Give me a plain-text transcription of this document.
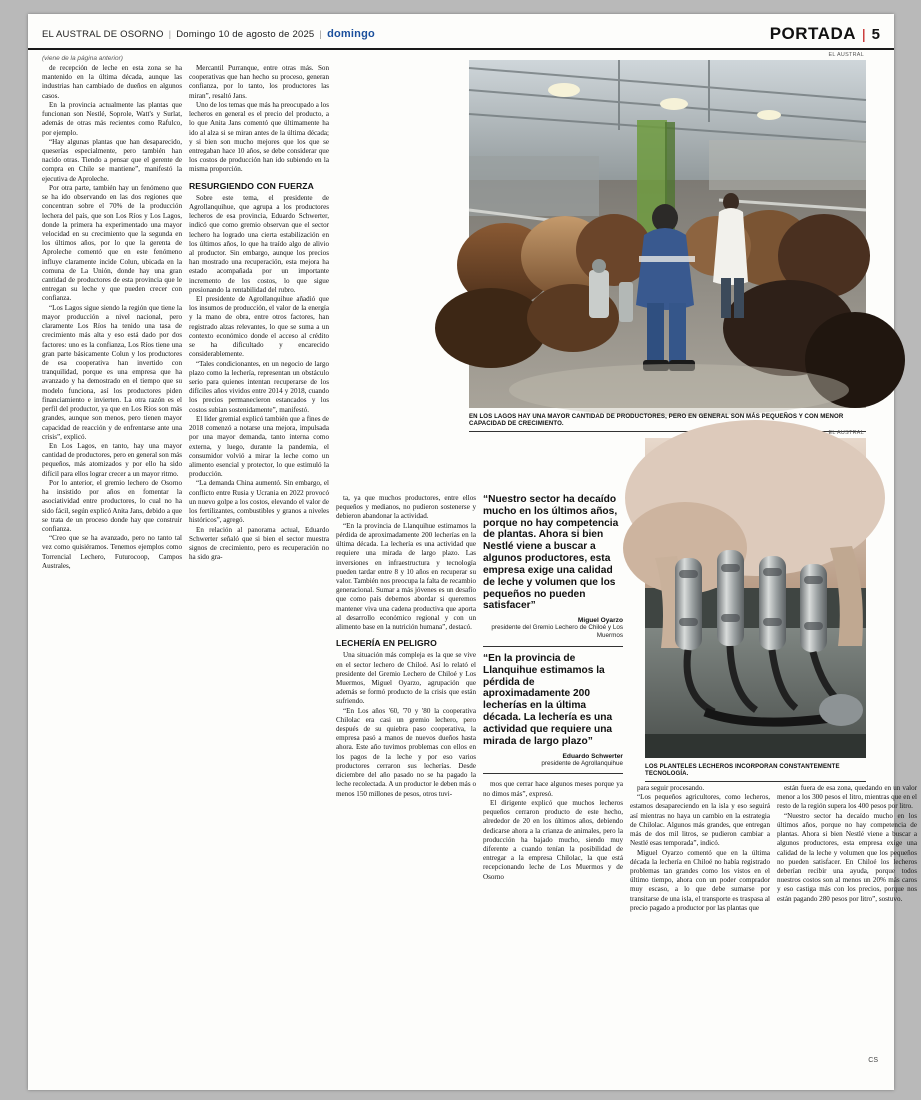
EL AUSTRAL DE OSORNO | Domingo 10 de agosto de 2025 | domingo	PORTADA | 5
(viene de la página anterior)	EL AUSTRAL
EN LOS LAGOS HAY UNA MAYOR CANTIDAD DE PRODUCTORES, PERO EN GENERAL SON MÁS PEQUEÑOS Y CON MENOR CAPACIDAD DE CRECIMIENTO.
EL AUSTRAL
LOS PLANTELES LECHEROS INCORPORAN CONSTANTEMENTE TECNOLOGÍA.

de recepción de leche en esta zona se ha mantenido en la última década, aunque las industrias han cambiado de dueños en algunos casos.

En la provincia actualmente las plantas que funcionan son Nestlé, Soprole, Watt's y Surlat, además de otras más recientes como Rafulco, por ejemplo.

“Hay algunas plantas que han desaparecido, queserías especialmente, pero también han nacido otras. Tiendo a pensar que el gerente de compra en Chile se mantiene”, manifestó la ejecutiva de Aproleche.

Por otra parte, también hay un fenómeno que se ha ido observando en las dos regiones que concentran sobre el 70% de la producción lechera del país, que son Los Ríos y Los Lagos, donde la primera ha experimentado una mayor velocidad en su crecimiento que la segunda en los últimos años, por lo que la gerenta de Aproleche comentó que en este fenómeno influye claramente incide Colun, ubicada en la comuna de La Unión, donde hay una gran cantidad de productores de esta provincia que le entregan su leche y que pueden crecer con confianza.

“Los Lagos sigue siendo la región que tiene la mayor producción a nivel nacional, pero claramente Los Ríos ha tenido una tasa de crecimiento más alta y eso está dado por dos factores: uno es la confianza, Los Ríos tiene una gran parte básicamente Colun y los productores de esa cooperativa han invertido con tranquilidad, porque es una empresa que ha avanzado y ha demostrado en el tiempo que su modelo funciona, así los productores piden financiamiento e invierten. La otra razón es el perfil del productor, ya que en Los Ríos son más grandes, aunque son menos, pero tienen mayor capacidad de reacción y de enfrentarse ante una crisis”, explicó.

En Los Lagos, en tanto, hay una mayor cantidad de productores, pero en general son más pequeños, más atomizados y por ello ha sido difícil para ellos lograr crecer a un mayor ritmo.

Por lo anterior, el gremio lechero de Osorno ha insistido por años en fomentar la asociatividad entre productores, lo cual no ha sido fácil, según explicó Anita Jans, debido a que se trata de un proceso donde hay que construir confianza.

“Creo que se ha avanzado, pero no tanto tal vez como quisiéramos. Tenemos ejemplos como Torrencial Lechero, Futurocoop, Campos Australes,

Mercantil Purranque, entre otras más. Son cooperativas que han hecho su proceso, generan confianza, por lo tanto, los productores las miran”, resaltó Jans.

Uno de los temas que más ha preocupado a los lecheros en general es el precio del producto, a lo que Anita Jans comentó que últimamente ha ido al alza si se miran antes de la última década; y si bien son mucho mejores que los que se entregaban hace 10 años, se debe considerar que los costos de producción han ido subiendo en la misma proporción.

RESURGIENDO CON FUERZA

Sobre este tema, el presidente de Agrollanquihue, que agrupa a los productores lecheros de esa provincia, Eduardo Schwerter, indicó que como gremio observan que el sector lechero ha logrado una cierta estabilización en los últimos años, lo que ha traído algo de alivio al productor. Sin embargo, aunque los precios han mostrado una recuperación, esta mejora ha estado acompañada por un importante incremento de los costos, lo que sigue presionando la rentabilidad del rubro.

El presidente de Agrollanquihue añadió que los insumos de producción, el valor de la energía y la mano de obra, entre otros factores, han registrado alzas relevantes, lo que se suma a un contexto económico donde el acceso al crédito se ha dificultado y encarecido considerablemente.

“Tales condicionantes, en un negocio de largo plazo como la lechería, representan un obstáculo serio para quienes intentan recuperarse de los difíciles años vividos entre 2014 y 2018, cuando los precios permanecieron estancados y los costos subían sostenidamente”, manifestó.

El líder gremial explicó también que a fines de 2018 comenzó a notarse una mejora, impulsada por una mayor demanda, tanto interna como externa, y luego, durante la pandemia, el consumidor volvió a mirar la leche como un alimento esencial y protector, lo que estimuló la producción.

“La demanda China aumentó. Sin embargo, el conflicto entre Rusia y Ucrania en 2022 provocó un nuevo golpe a los costos, elevando el valor de los fertilizantes, combustibles y granos a niveles históricos”, agregó.

En relación al panorama actual, Eduardo Schwerter señaló que si bien el sector muestra signos de crecimiento, pero es recuperación no ha sido gra-

ta, ya que muchos productores, entre ellos pequeños y medianos, no pudieron sostenerse y debieron abandonar la actividad.

“En la provincia de Llanquihue estimamos la pérdida de aproximadamente 200 lecherías en la última década. La lechería es una actividad que requiere una mirada de largo plazo. Las inversiones en infraestructura y tecnología pueden tardar entre 8 y 10 años en recuperar su valor. También nos preocupa la falta de recambio generacional. Sumar a más jóvenes es un desafío que como país debemos abordar si queremos mantener viva una cadena productiva que aporta al desarrollo económico regional y con un alimento base en la nutrición humana”, destacó.

LECHERÍA EN PELIGRO

Una situación más compleja es la que se vive en el sector lechero de Chiloé. Así lo relató el presidente del Gremio Lechero de Chiloé y Los Muermos, Miguel Oyarzo, agrupación que además se formó producto de la crisis que están sufriendo.

“En Los años '60, '70 y '80 la cooperativa Chilolac era casi un gremio lechero, pero después de su quiebra paso cooperativa, la empresa pasó a manos de nuevos dueños hasta ahora. Este año tuvimos problemas con ellos en los pagos de la leche y por eso varios productores cerraron sus lecherías. Desde diciembre del año pasado no se ha pagado la leche recolectada. A un productor le deben más o menos 150 millones de pesos, otros tuvi-

“Nuestro sector ha decaído mucho en los últimos años, porque no hay competencia de plantas. Ahora si bien Nestlé viene a buscar a algunos productores, esta empresa exige una calidad de leche y volumen que los pequeños no pueden satisfacer”
Miguel Oyarzo
presidente del Gremio Lechero de Chiloé y Los Muermos
“En la provincia de Llanquihue estimamos la pérdida de aproximadamente 200 lecherías en la última década. La lechería es una actividad que requiere una mirada de largo plazo”
Eduardo Schwerter
presidente de Agrollanquihue

mos que cerrar hace algunos meses porque ya no dimos más”, expresó.

El dirigente explicó que muchos lecheros pequeños cerraron producto de este hecho, alrededor de 20 en los últimos años, debiendo dedicarse ahora a la crianza de animales, pero la producción ha bajado mucho, siendo muy diferente a cuando tenían la posibilidad de entregar a la empresa Chilolac, la que está recepcionando leche de Los Muermos y de Osorno

para seguir procesando.

“Los pequeños agricultores, como lecheros, estamos desapareciendo en la isla y eso seguirá así mientras no haya un cambio en la estrategia de Chilolac. Algunos más grandes, que entregan más de dos mil litros, se pudieron cambiar a Nestlé esas temporada”, indicó.

Miguel Oyarzo comentó que en la última década la lechería en Chiloé no había registrado problemas tan grandes como los vistos en el último tiempo, ahora con un poder comprador muy escaso, a lo que debe sumarse por transitarse de una isla, el transporte es traspasa al precio pagado a productor por las plantas que

están fuera de esa zona, quedando en un valor menor a los 300 pesos el litro, mientras que en el resto de la región supera los 400 pesos por litro.

“Nuestro sector ha decaído mucho en los últimos años, porque no hay competencia de plantas. Ahora si bien Nestlé viene a buscar a algunos productores, esta empresa exige una calidad de la leche y volumen que los pequeños no pueden satisfacer. En Chiloé los lecheros deberían recibir una ayuda, porque todos nuestros costos son al menos un 20% más caros y eso castiga más con los precios, porque nos están pagando 280 pesos por litro”, sostuvo.

CS
